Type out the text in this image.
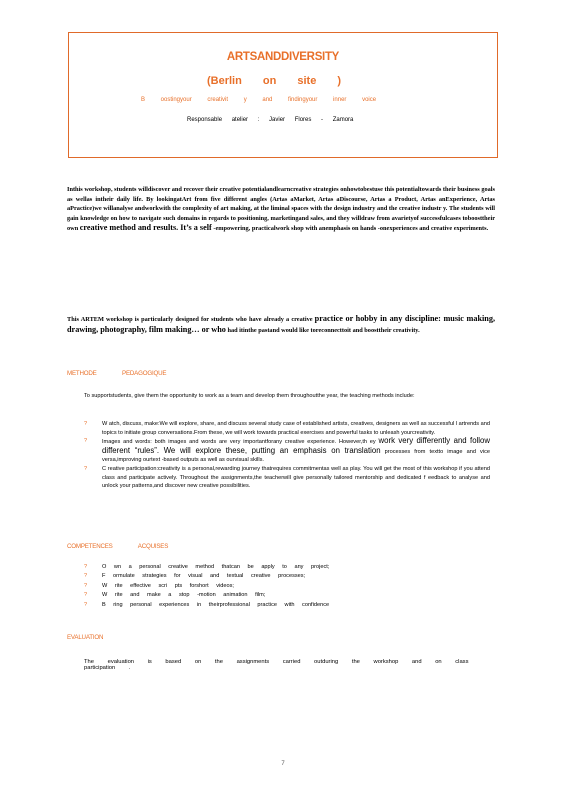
ARTSANDDIVERSITY
(Berlin on site )
B oostingyour creativit y and findingyour inner voice
Responsable atelier : Javier Flores - Zamora
Inthis workshop, students willdiscover and recover their creative potentialandlearncreative strategies onhowtobestuse this potentialtowards their business goals as wellas intheir daily life. By lookingatArt from five different angles (Artas aMarket, Artas aDiscourse, Artas a Product, Artas anExperience, Artas aPractice)we willanalyse andworkwith the complexity of art making, at the liminal spaces with the design industry and the creative industr y. The students will gain knowledge on how to navigate such domains in regards to positioning, marketingand sales, and they willdraw from avarietyof successfulcases toboosttheir own creative method and results. It’s a self -empowering, practicalwork shop with anemphasis on hands -onexperiences and creative experiments.
This ARTEM workshop is particularly designed for students who have already a creative practice or hobby in any discipline: music making, drawing, photography, film making… or who had itinthe pastand would like toreconnecttoit and boosttheir creativity.
METHODE PEDAGOGIQUE
To supportstudents, give them the opportunity to work as a team and develop them throughoutthe year, the teaching methods include:
?	W atch, discuss, make:We will explore, share, and discuss several study case of established artists, creatives, designers as well as successful l artrends and topics to initiate group conversations.From these, we will work towards practical exercises and powerful tasks to unleash yourcreativity.
?	Images and words: both images and words are very importantforany creative experience. However,th ey work very differently and follow different “rules”. We will explore these, putting an emphasis on translation processes from textto image and vice versa,improving ourtext -based outputs as well as ourvisual skills.
?	C reative participation:creativity is a personal,rewarding journey thatrequires commitmentas well as play. You will get the most of this workshop if you attend class and participate actively. Throughout the assignments,the teacherwill give personally tailored mentorship and dedicated f eedback to analyse and unlock your patterns,and discover new creative possibilities.
COMPETENCES ACQUISES
?	O wn a personal creative method thatcan be apply to any project;
?	F ormulate strategies for visual and textual creative processes;
?	W rite effective scri pts forshort videos;
?	W rite and make a stop -motion animation film;
?	B ring personal experiences in theirprofessional practice with confidence
EVALUATION
The evaluation is based on the assignments carried outduring the workshop and on class participation .
7
